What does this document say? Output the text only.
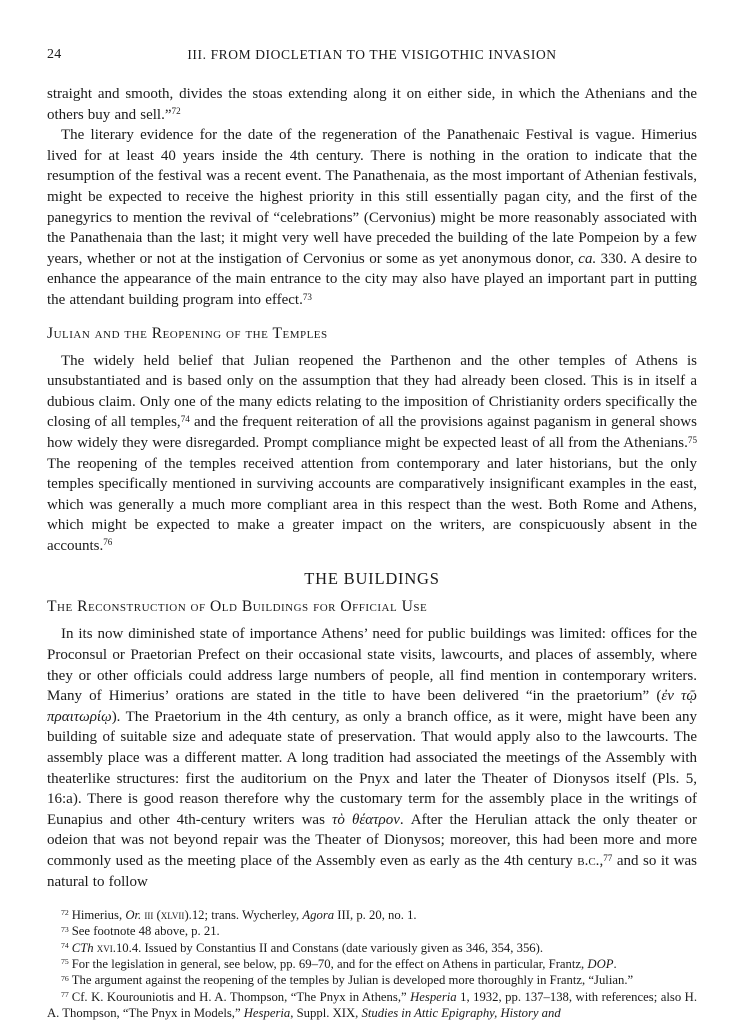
24	III. FROM DIOCLETIAN TO THE VISIGOTHIC INVASION

straight and smooth, divides the stoas extending along it on either side, in which the Athenians and the others buy and sell.”$^{72}$

The literary evidence for the date of the regeneration of the Panathenaic Festival is vague. Himerius lived for at least 40 years inside the 4th century. There is nothing in the oration to indicate that the resumption of the festival was a recent event. The Panathenaia, as the most important of Athenian festivals, might be expected to receive the highest priority in this still essentially pagan city, and the first of the panegyrics to mention the revival of “celebrations” (Cervonius) might be more reasonably associated with the Panathenaia than the last; it might very well have preceded the building of the late Pompeion by a few years, whether or not at the instigation of Cervonius or some as yet anonymous donor, ca. 330. A desire to enhance the appearance of the main entrance to the city may also have played an important part in putting the attendant building program into effect.$^{73}$

Julian and the Reopening of the Temples

The widely held belief that Julian reopened the Parthenon and the other temples of Athens is unsubstantiated and is based only on the assumption that they had already been closed. This is in itself a dubious claim. Only one of the many edicts relating to the imposition of Christianity orders specifically the closing of all temples,$^{74}$ and the frequent reiteration of all the provisions against paganism in general shows how widely they were disregarded. Prompt compliance might be expected least of all from the Athenians.$^{75}$ The reopening of the temples received attention from contemporary and later historians, but the only temples specifically mentioned in surviving accounts are comparatively insignificant examples in the east, which was generally a much more compliant area in this respect than the west. Both Rome and Athens, which might be expected to make a greater impact on the writers, are conspicuously absent in the accounts.$^{76}$

THE BUILDINGS
The Reconstruction of Old Buildings for Official Use

In its now diminished state of importance Athens’ need for public buildings was limited: offices for the Proconsul or Praetorian Prefect on their occasional state visits, lawcourts, and places of assembly, where they or other officials could address large numbers of people, all find mention in contemporary writers. Many of Himerius’ orations are stated in the title to have been delivered “in the praetorium” (ἐν τῷ πραιτωρίῳ). The Praetorium in the 4th century, as only a branch office, as it were, might have been any building of suitable size and adequate state of preservation. That would apply also to the lawcourts. The assembly place was a different matter. A long tradition had associated the meetings of the Assembly with theaterlike structures: first the auditorium on the Pnyx and later the Theater of Dionysos itself (Pls. 5, 16:a). There is good reason therefore why the customary term for the assembly place in the writings of Eunapius and other 4th-century writers was τὸ θέατρον. After the Herulian attack the only theater or odeion that was not beyond repair was the Theater of Dionysos; moreover, this had been more and more commonly used as the meeting place of the Assembly even as early as the 4th century b.c.,$^{77}$ and so it was natural to follow

$^{72}$ Himerius, Or. iii (xlvii).12; trans. Wycherley, Agora III, p. 20, no. 1.

$^{73}$ See footnote 48 above, p. 21.

$^{74}$ CTh xvi.10.4. Issued by Constantius II and Constans (date variously given as 346, 354, 356).

$^{75}$ For the legislation in general, see below, pp. 69–70, and for the effect on Athens in particular, Frantz, DOP.

$^{76}$ The argument against the reopening of the temples by Julian is developed more thoroughly in Frantz, “Julian.”

$^{77}$ Cf. K. Kourouniotis and H. A. Thompson, “The Pnyx in Athens,” Hesperia 1, 1932, pp. 137–138, with references; also H. A. Thompson, “The Pnyx in Models,” Hesperia, Suppl. XIX, Studies in Attic Epigraphy, History and
